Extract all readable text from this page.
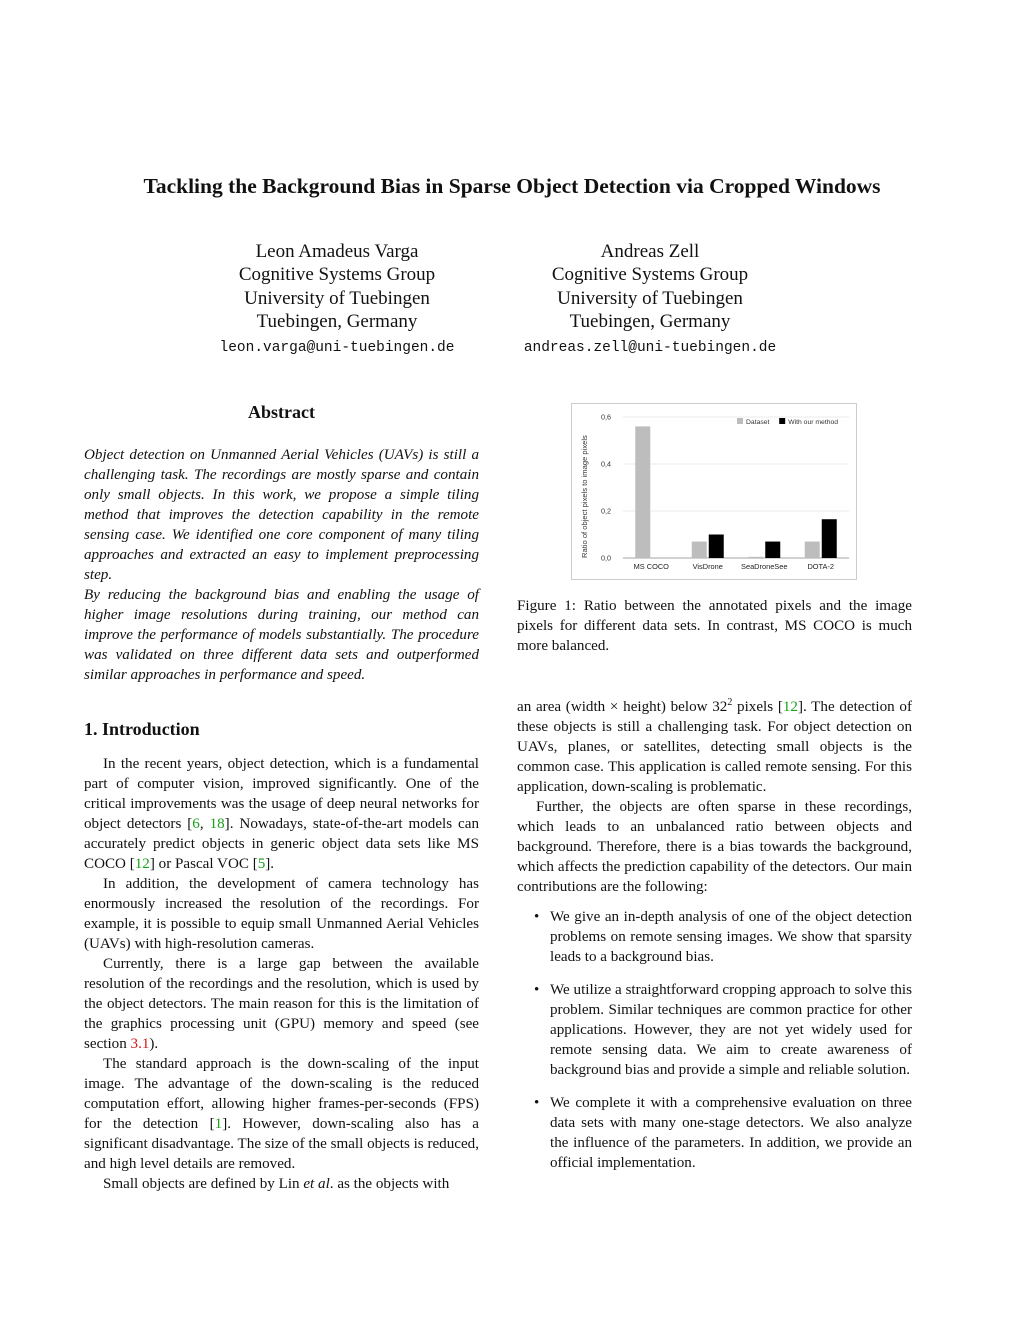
Tackling the Background Bias in Sparse Object Detection via Cropped Windows
Leon Amadeus Varga
Cognitive Systems Group
University of Tuebingen
Tuebingen, Germany
leon.varga@uni-tuebingen.de
Andreas Zell
Cognitive Systems Group
University of Tuebingen
Tuebingen, Germany
andreas.zell@uni-tuebingen.de
Abstract

Object detection on Unmanned Aerial Vehicles (UAVs) is still a challenging task. The recordings are mostly sparse and contain only small objects. In this work, we propose a simple tiling method that improves the detection capability in the remote sensing case. We identified one core component of many tiling approaches and extracted an easy to implement preprocessing step.

By reducing the background bias and enabling the usage of higher image resolutions during training, our method can improve the performance of models substantially. The procedure was validated on three different data sets and outperformed similar approaches in performance and speed.

1. Introduction

In the recent years, object detection, which is a fundamental part of computer vision, improved significantly. One of the critical improvements was the usage of deep neural networks for object detectors [6, 18]. Nowadays, state-of-the-art models can accurately predict objects in generic object data sets like MS COCO [12] or Pascal VOC [5].

In addition, the development of camera technology has enormously increased the resolution of the recordings. For example, it is possible to equip small Unmanned Aerial Vehicles (UAVs) with high-resolution cameras.

Currently, there is a large gap between the available resolution of the recordings and the resolution, which is used by the object detectors. The main reason for this is the limitation of the graphics processing unit (GPU) memory and speed (see section 3.1).

The standard approach is the down-scaling of the input image. The advantage of the down-scaling is the reduced computation effort, allowing higher frames-per-seconds (FPS) for the detection [1]. However, down-scaling also has a significant disadvantage. The size of the small objects is reduced, and high level details are removed.

Small objects are defined by Lin et al. as the objects with

0,0
0,2
0,4
0,6
MS COCO	VisDrone SeaDroneSee	DOTA-2
Dataset	With our method
Ratio of object pixels to image pixels

Figure 1: Ratio between the annotated pixels and the image pixels for different data sets. In contrast, MS COCO is much more balanced.

an area (width × height) below $32^2$ pixels [12]. The detection of these objects is still a challenging task. For object detection on UAVs, planes, or satellites, detecting small objects is the common case. This application is called remote sensing. For this application, down-scaling is problematic.

Further, the objects are often sparse in these recordings, which leads to an unbalanced ratio between objects and background. Therefore, there is a bias towards the background, which affects the prediction capability of the detectors. Our main contributions are the following:

• We give an in-depth analysis of one of the object detection problems on remote sensing images. We show that sparsity leads to a background bias.
• We utilize a straightforward cropping approach to solve this problem. Similar techniques are common practice for other applications. However, they are not yet widely used for remote sensing data. We aim to create awareness of background bias and provide a simple and reliable solution.
• We complete it with a comprehensive evaluation on three data sets with many one-stage detectors. We also analyze the influence of the parameters. In addition, we provide an official implementation.
